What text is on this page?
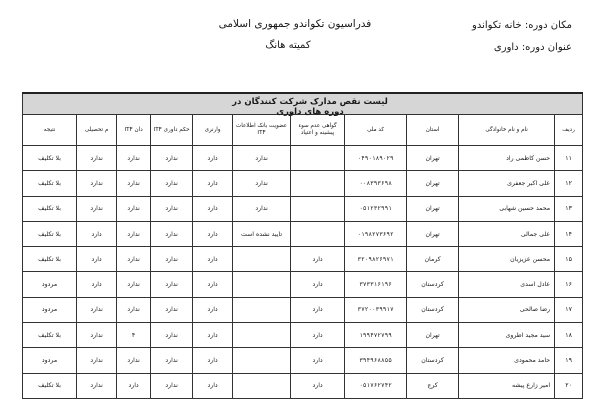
فدراسیون تکواندو جمهوری اسلامی
کمیته هانگ
مکان دوره: خانه تکواندو
عنوان دوره: داوری

ردیف	نام و نام خانوادگی	استان	کد ملی	گواهی عدم سوء پیشینه و اعتیاد	عضویت بانک اطلاعات ITF	وارنری	حکم داوری ITF	دان ITF	م تحصیلی	نتیجه
۱۱	حسن کاظمی راد	تهران	۰۴۹۰۱۸۹۰۲۹		ندارد	دارد	ندارد	ندارد	ندارد	بلا تکلیف
۱۲	علی اکبر جعفری	تهران	۰۰۸۳۹۳۶۹۸		ندارد	دارد	ندارد	ندارد	ندارد	بلا تکلیف
۱۳	محمد حسین شهابی	تهران	۰۵۱۲۳۲۹۹۱		ندارد	دارد	ندارد	ندارد	ندارد	بلا تکلیف
۱۴	علی جمالی	تهران	۰۱۹۸۲۷۳۶۹۲		تایید نشده است	دارد	ندارد	ندارد	دارد	بلا تکلیف
۱۵	محسن عزیزیان	کرمان	۳۲۰۹۸۲۶۹۷۱	دارد		دارد	ندارد	ندارد	دارد	بلا تکلیف
۱۶	عادل اسدی	کردستان	۳۷۳۳۱۶۱۹۶	دارد		دارد	ندارد	ندارد	دارد	مردود
۱۷	رضا صالحی	کردستان	۳۷۲۰۰۳۹۹۱۷	دارد		دارد	ندارد	ندارد	ندارد	مردود
۱۸	سید مجید اطروی	تهران	۱۹۹۴۷۲۷۹۹	دارد		دارد	ندارد	۴	ندارد	بلا تکلیف
۱۹	حامد محمودی	کردستان	۳۹۴۹۶۸۸۵۵	دارد		دارد	ندارد	ندارد	ندارد	مردود
۲۰	امیر زارع پیشه	کرج	۰۵۱۷۶۲۷۴۲	دارد		دارد	ندارد	دارد	ندارد	بلا تکلیف
لیست نقص مدارک شرکت کنندگان در دوره های داوری
